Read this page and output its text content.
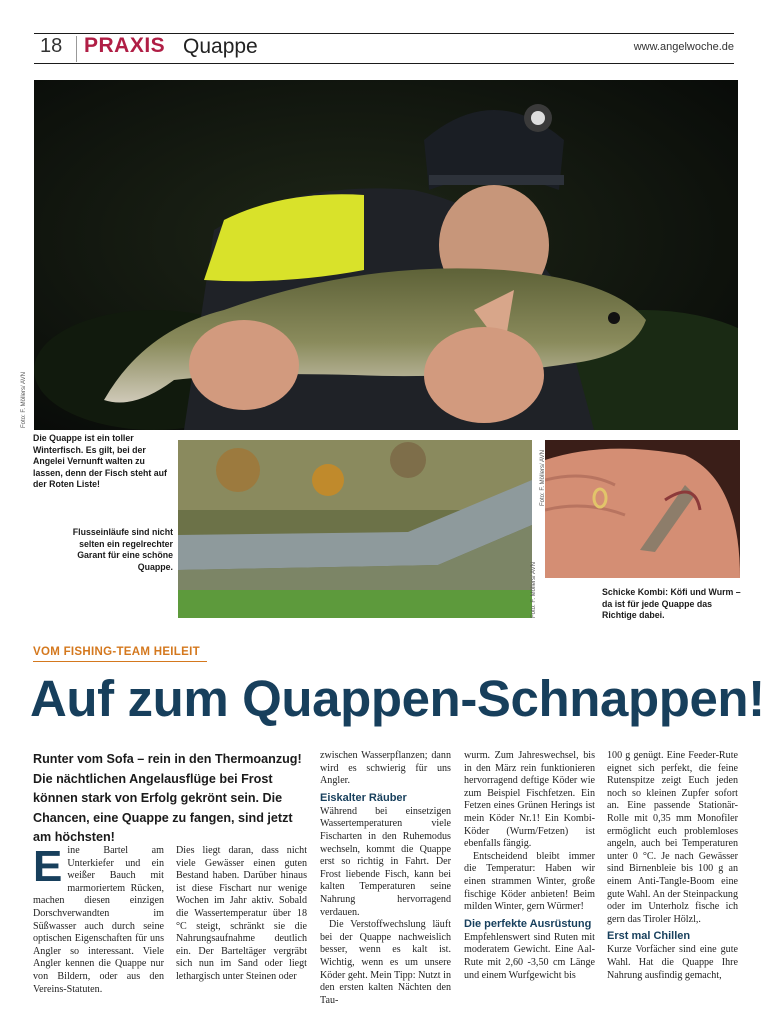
18 PRAXIS Quappe	www.angelwoche.de
Foto: F. Möllers/ AVN
Die Quappe ist ein toller Winterfisch. Es gilt, bei der Angelei Vernunft walten zu lassen, denn der Fisch steht auf der Roten Liste!
Foto: F. Möllers/ AVN
Flusseinläufe sind nicht selten ein regelrechter Garant für eine schöne Quappe.
Foto: F. Möllers/ AVN
Schicke Kombi: Köfi und Wurm – da ist für jede Quappe das Richtige dabei.
VOM FISHING-TEAM HEILEIT
Auf zum Quappen-Schnappen!
Runter vom Sofa – rein in den Thermoanzug! Die nächtlichen Angelausflüge bei Frost können stark von Erfolg gekrönt sein. Die Chancen, eine Quappe zu fangen, sind jetzt am höchsten!

Eine Bartel am Unterkiefer und ein weißer Bauch mit marmoriertem Rücken, machen diesen einzigen Dorschverwandten im Süßwasser auch durch seine optischen Eigenschaften für uns Angler so interessant. Viele Angler kennen die Quappe nur von Bildern, oder aus den Vereins-Statuten.

Dies liegt daran, dass nicht viele Gewässer einen guten Bestand haben. Darüber hinaus ist diese Fischart nur wenige Wochen im Jahr aktiv. Sobald die Wassertemperatur über 18 °C steigt, schränkt sie die Nahrungsaufnahme deutlich ein. Der Barteltäger vergräbt sich nun im Sand oder liegt lethargisch unter Steinen oder

zwischen Wasserpflanzen; dann wird es schwierig für uns Angler.

Eiskalter Räuber

Während bei einsetzigen Wassertemperaturen viele Fischarten in den Ruhemodus wechseln, kommt die Quappe erst so richtig in Fahrt. Der Frost liebende Fisch, kann bei kalten Temperaturen seine Nahrung hervorragend verdauen.

Die Verstoffwechslung läuft bei der Quappe nachweislich besser, wenn es kalt ist. Wichtig, wenn es um unsere Köder geht. Mein Tipp: Nutzt in den ersten kalten Nächten den Tau-

wurm. Zum Jahreswechsel, bis in den März rein funktionieren hervorragend deftige Köder wie zum Beispiel Fischfetzen. Ein Fetzen eines Grünen Herings ist mein Köder Nr.1! Ein Kombi-Köder (Wurm/Fetzen) ist ebenfalls fängig.

Entscheidend bleibt immer die Temperatur: Haben wir einen strammen Winter, große fischige Köder anbieten! Beim milden Winter, gern Würmer!

Die perfekte Ausrüstung

Empfehlenswert sind Ruten mit moderatem Gewicht. Eine Aal-Rute mit 2,60 -3,50 cm Länge und einem Wurfgewicht bis

100 g genügt. Eine Feeder-Rute eignet sich perfekt, die feine Rutenspitze zeigt Euch jeden noch so kleinen Zupfer sofort an. Eine passende Stationär-Rolle mit 0,35 mm Monofiler ermöglicht euch problemloses angeln, auch bei Temperaturen unter 0 °C. Je nach Gewässer sind Birnenbleie bis 100 g an einem Anti-Tangle-Boom eine gute Wahl. An der Steinpackung oder im Unterholz fische ich gern das Tiroler Hölzl,.

Erst mal Chillen

Kurze Vorfächer sind eine gute Wahl. Hat die Quappe Ihre Nahrung ausfindig gemacht,
